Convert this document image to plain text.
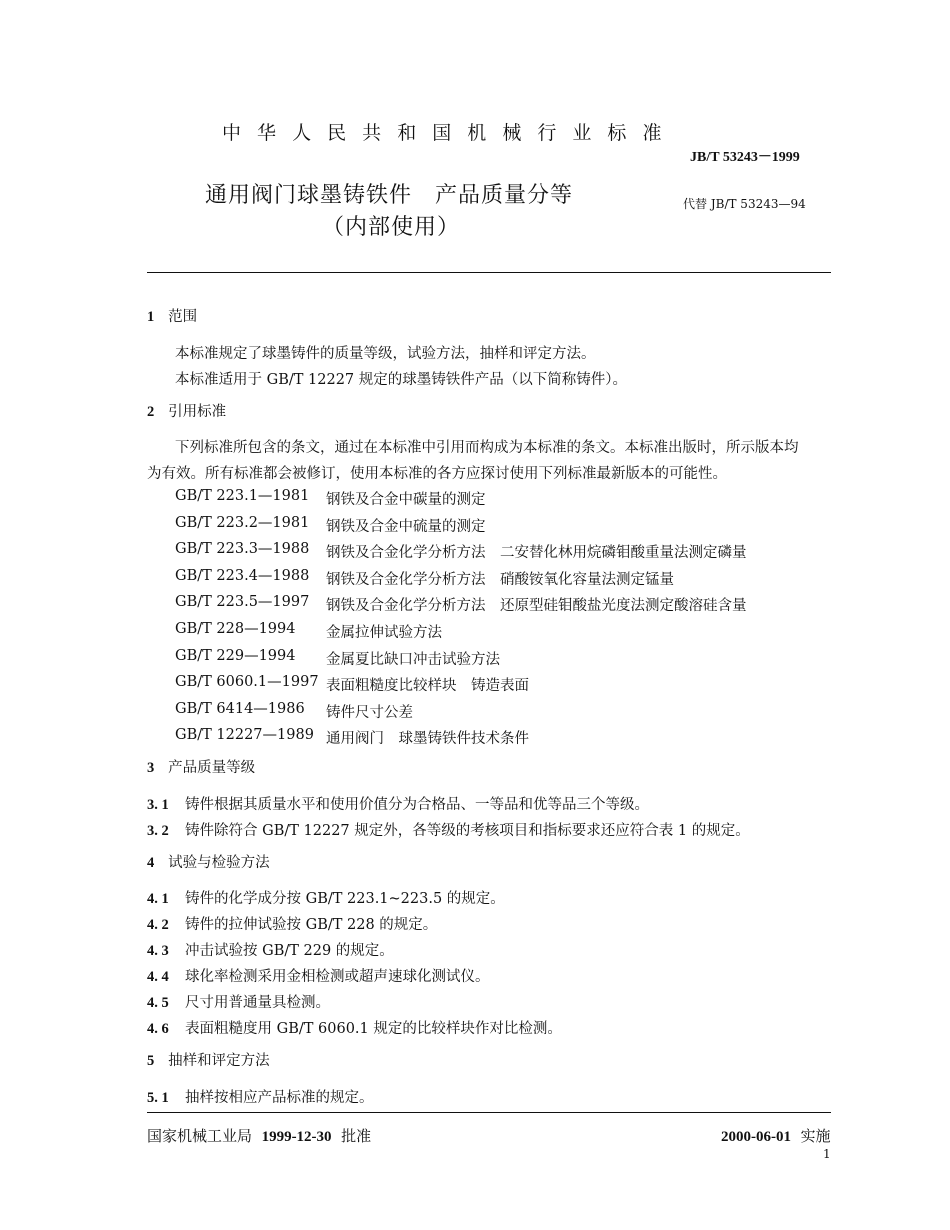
中 华 人 民 共 和 国 机 械 行 业 标 准
JB/T 53243－1999
通用阀门球墨铸铁件　产品质量分等
（内部使用）
代替 JB/T 53243—94
1 范围
本标准规定了球墨铸件的质量等级，试验方法，抽样和评定方法。
本标准适用于 GB/T 12227 规定的球墨铸铁件产品（以下简称铸件）。
2 引用标准
下列标准所包含的条文，通过在本标准中引用而构成为本标准的条文。本标准出版时，所示版本均
为有效。所有标准都会被修订，使用本标准的各方应探讨使用下列标准最新版本的可能性。
GB/T 223.1—1981 钢铁及合金中碳量的测定
GB/T 223.2—1981 钢铁及合金中硫量的测定
GB/T 223.3—1988 钢铁及合金化学分析方法　二安替化林用烷磷钼酸重量法测定磷量
GB/T 223.4—1988 钢铁及合金化学分析方法　硝酸铵氧化容量法测定锰量
GB/T 223.5—1997 钢铁及合金化学分析方法　还原型硅钼酸盐光度法测定酸溶硅含量
GB/T 228—1994 金属拉伸试验方法
GB/T 229—1994 金属夏比缺口冲击试验方法
GB/T 6060.1—1997 表面粗糙度比较样块　铸造表面
GB/T 6414—1986 铸件尺寸公差
GB/T 12227—1989 通用阀门　球墨铸铁件技术条件
3 产品质量等级
3. 1 铸件根据其质量水平和使用价值分为合格品、一等品和优等品三个等级。
3. 2 铸件除符合 GB/T 12227 规定外，各等级的考核项目和指标要求还应符合表 1 的规定。
4 试验与检验方法
4. 1 铸件的化学成分按 GB/T 223.1~223.5 的规定。
4. 2 铸件的拉伸试验按 GB/T 228 的规定。
4. 3 冲击试验按 GB/T 229 的规定。
4. 4 球化率检测采用金相检测或超声速球化测试仪。
4. 5 尺寸用普通量具检测。
4. 6 表面粗糙度用 GB/T 6060.1 规定的比较样块作对比检测。
5 抽样和评定方法
5. 1 抽样按相应产品标准的规定。
国家机械工业局 1999-12-30 批准	2000-06-01 实施
1
